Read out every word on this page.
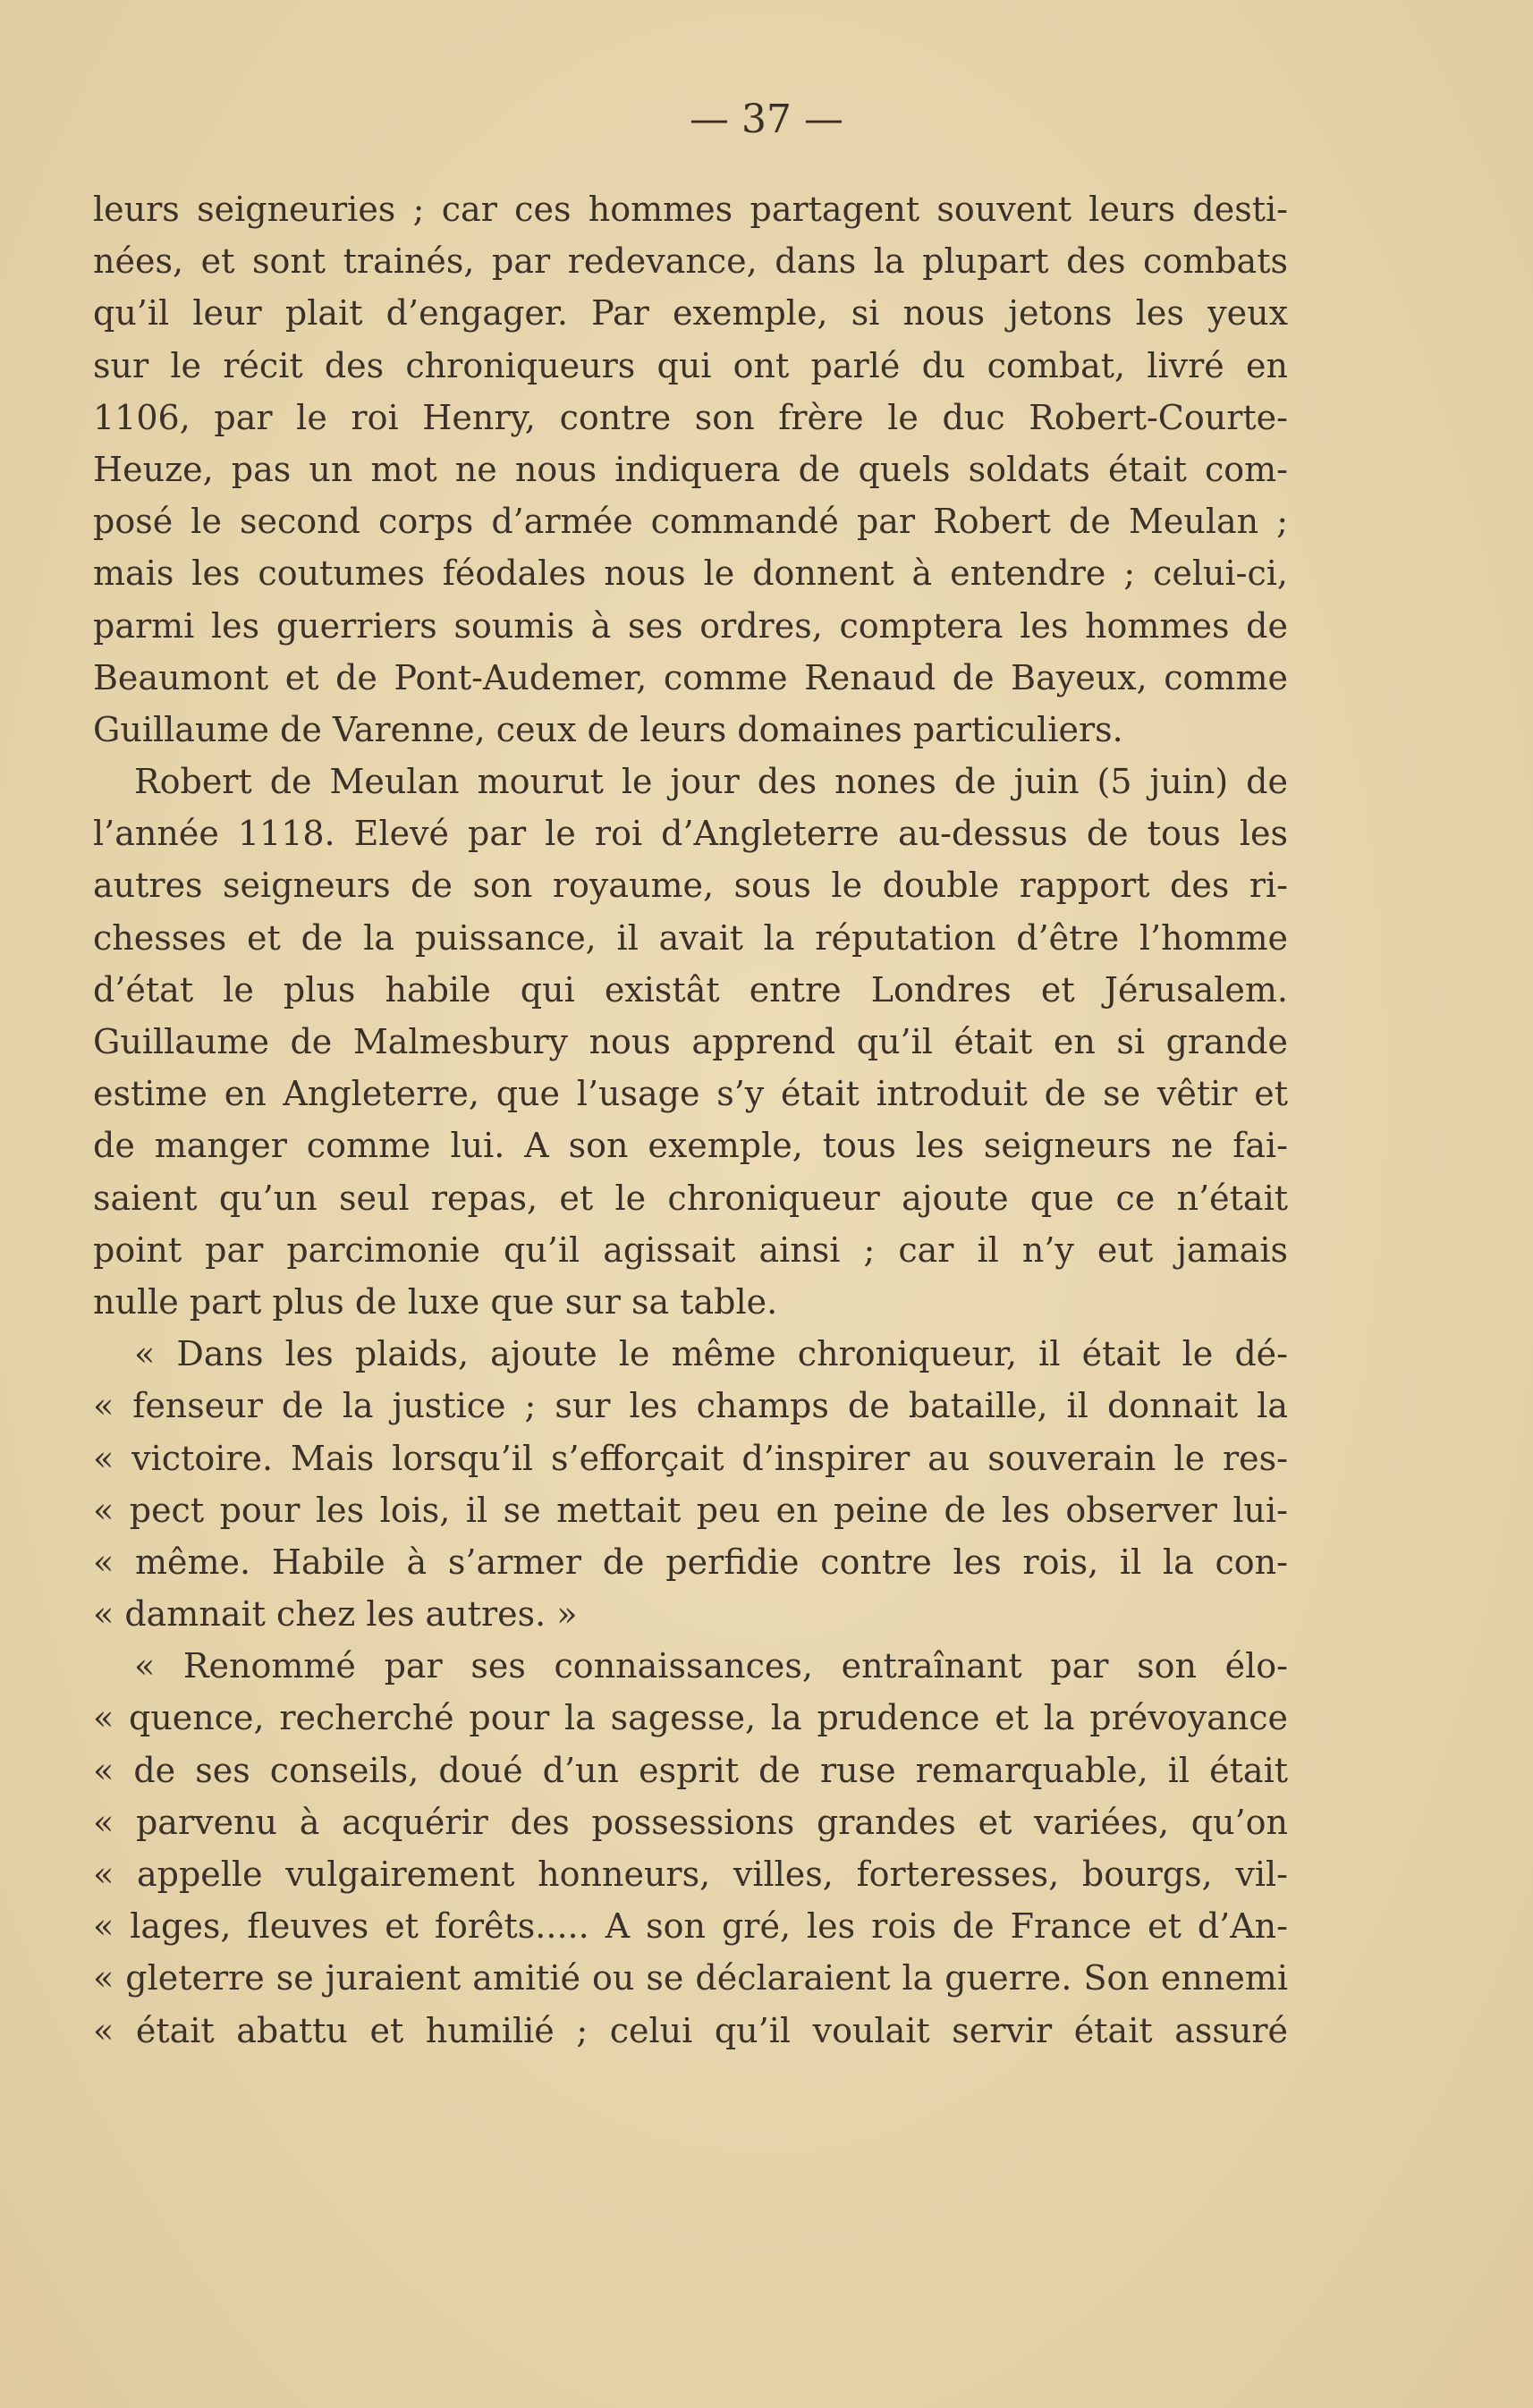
— 37 —

leurs seigneuries ; car ces hommes partagent souvent leurs desti-
nées, et sont trainés, par redevance, dans la plupart des combats
qu’il leur plait d’engager. Par exemple, si nous jetons les yeux
sur le récit des chroniqueurs qui ont parlé du combat, livré en
1106, par le roi Henry, contre son frère le duc Robert-Courte-
Heuze, pas un mot ne nous indiquera de quels soldats était com-
posé le second corps d’armée commandé par Robert de Meulan ;
mais les coutumes féodales nous le donnent à entendre ; celui-ci,
parmi les guerriers soumis à ses ordres, comptera les hommes de
Beaumont et de Pont-Audemer, comme Renaud de Bayeux, comme
Guillaume de Varenne, ceux de leurs domaines particuliers.
Robert de Meulan mourut le jour des nones de juin (5 juin) de
l’année 1118. Elevé par le roi d’Angleterre au-dessus de tous les
autres seigneurs de son royaume, sous le double rapport des ri-
chesses et de la puissance, il avait la réputation d’être l’homme
d’état le plus habile qui existât entre Londres et Jérusalem.
Guillaume de Malmesbury nous apprend qu’il était en si grande
estime en Angleterre, que l’usage s’y était introduit de se vêtir et
de manger comme lui. A son exemple, tous les seigneurs ne fai-
saient qu’un seul repas, et le chroniqueur ajoute que ce n’était
point par parcimonie qu’il agissait ainsi ; car il n’y eut jamais
nulle part plus de luxe que sur sa table.
« Dans les plaids, ajoute le même chroniqueur, il était le dé-
« fenseur de la justice ; sur les champs de bataille, il donnait la
« victoire. Mais lorsqu’il s’efforçait d’inspirer au souverain le res-
« pect pour les lois, il se mettait peu en peine de les observer lui-
« même. Habile à s’armer de perfidie contre les rois, il la con-
« damnait chez les autres. »
« Renommé par ses connaissances, entraînant par son élo-
« quence, recherché pour la sagesse, la prudence et la prévoyance
« de ses conseils, doué d’un esprit de ruse remarquable, il était
« parvenu à acquérir des possessions grandes et variées, qu’on
« appelle vulgairement honneurs, villes, forteresses, bourgs, vil-
« lages, fleuves et forêts..... A son gré, les rois de France et d’An-
« gleterre se juraient amitié ou se déclaraient la guerre. Son ennemi
« était abattu et humilié ; celui qu’il voulait servir était assuré
